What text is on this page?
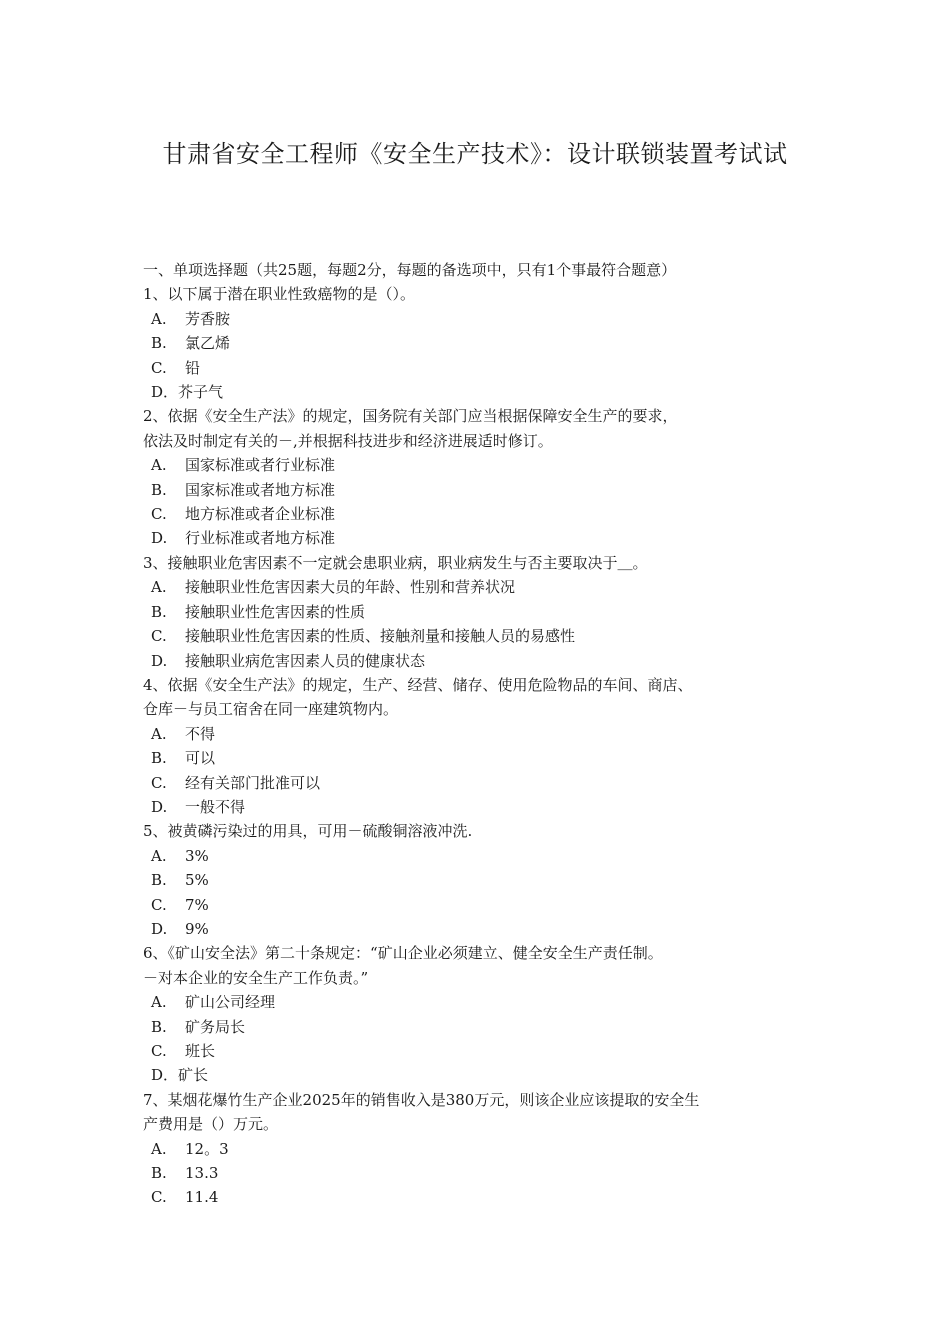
甘肃省安全工程师《安全生产技术》：设计联锁装置考试试
一、单项选择题（共25题，每题2分，每题的备选项中，只有1个事最符合题意）
1、以下属于潜在职业性致癌物的是（）。
A. 芳香胺
B. 氯乙烯
C. 铅
D．芥子气
2、依据《安全生产法》的规定，国务院有关部门应当根据保障安全生产的要求，
依法及时制定有关的－,并根据科技进步和经济进展适时修订。
A. 国家标准或者行业标准
B. 国家标准或者地方标准
C. 地方标准或者企业标准
D. 行业标准或者地方标准
3、接触职业危害因素不一定就会患职业病，职业病发生与否主要取决于＿。
A. 接触职业性危害因素大员的年龄、性别和营养状况
B. 接触职业性危害因素的性质
C. 接触职业性危害因素的性质、接触剂量和接触人员的易感性
D. 接触职业病危害因素人员的健康状态
4、依据《安全生产法》的规定，生产、经营、储存、使用危险物品的车间、商店、
仓库－与员工宿舍在同一座建筑物内。
A. 不得
B. 可以
C. 经有关部门批准可以
D. 一般不得
5、被黄磷污染过的用具，可用－硫酸铜溶液冲洗.
A. 3%
B. 5%
C. 7%
D. 9%
6、《矿山安全法》第二十条规定：“矿山企业必须建立、健全安全生产责任制。
－对本企业的安全生产工作负责。”
A. 矿山公司经理
B. 矿务局长
C. 班长
D．矿长
7、某烟花爆竹生产企业2025年的销售收入是380万元，则该企业应该提取的安全生
产费用是（）万元。
A. 12。3
B. 13.3
C. 11.4
